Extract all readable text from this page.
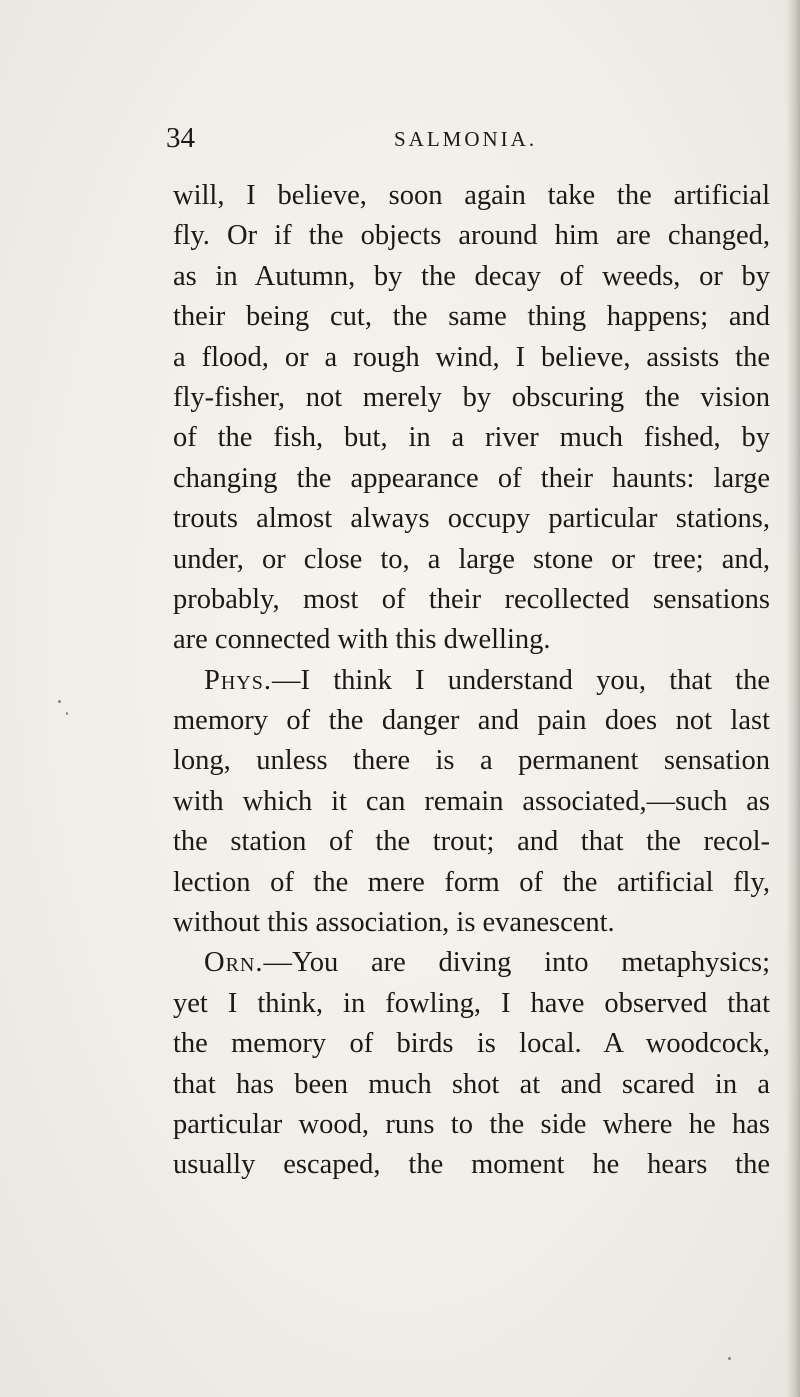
34	SALMONIA.
will, I believe, soon again take the artificial
fly. Or if the objects around him are changed,
as in Autumn, by the decay of weeds, or by
their being cut, the same thing happens; and
a flood, or a rough wind, I believe, assists the
fly-fisher, not merely by obscuring the vision
of the fish, but, in a river much fished, by
changing the appearance of their haunts: large
trouts almost always occupy particular stations,
under, or close to, a large stone or tree; and,
probably, most of their recollected sensations
are connected with this dwelling.
Phys.—I think I understand you, that the
memory of the danger and pain does not last
long, unless there is a permanent sensation
with which it can remain associated,—such as
the station of the trout; and that the recol-
lection of the mere form of the artificial fly,
without this association, is evanescent.
Orn.—You are diving into metaphysics;
yet I think, in fowling, I have observed that
the memory of birds is local. A woodcock,
that has been much shot at and scared in a
particular wood, runs to the side where he has
usually escaped, the moment he hears the
